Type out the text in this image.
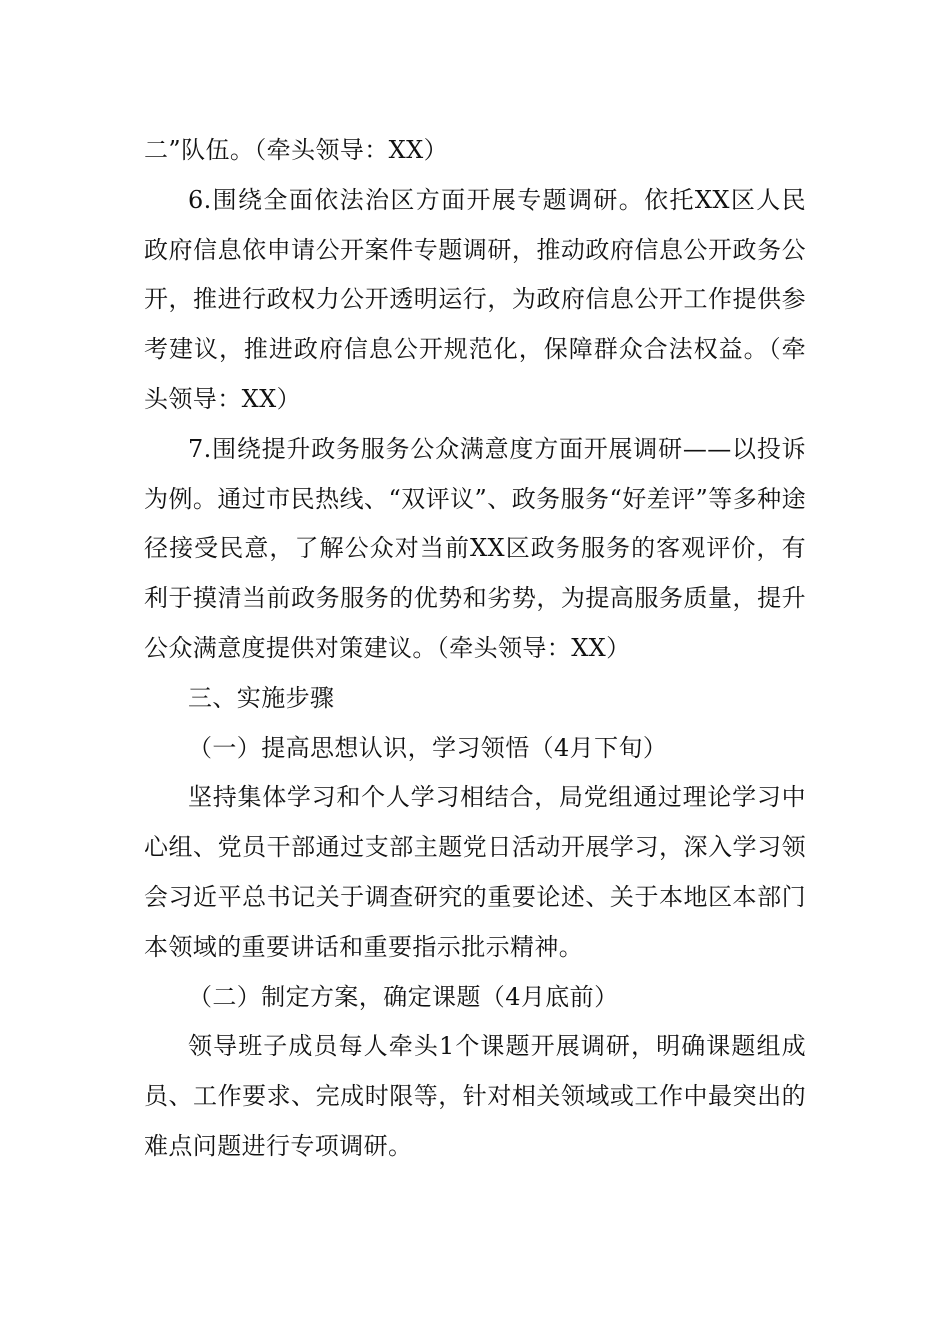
二”队伍。（牵头领导：XX）

6.围绕全面依法治区方面开展专题调研。依托XX区人民政府信息依申请公开案件专题调研，推动政府信息公开政务公开，推进行政权力公开透明运行，为政府信息公开工作提供参考建议，推进政府信息公开规范化，保障群众合法权益。（牵头领导：XX）

7.围绕提升政务服务公众满意度方面开展调研——以投诉为例。通过市民热线、“双评议”、政务服务“好差评”等多种途径接受民意，了解公众对当前XX区政务服务的客观评价，有利于摸清当前政务服务的优势和劣势，为提高服务质量，提升公众满意度提供对策建议。（牵头领导：XX）

三、实施步骤

（一）提高思想认识，学习领悟（4月下旬）

坚持集体学习和个人学习相结合，局党组通过理论学习中心组、党员干部通过支部主题党日活动开展学习，深入学习领会习近平总书记关于调查研究的重要论述、关于本地区本部门本领域的重要讲话和重要指示批示精神。

（二）制定方案，确定课题（4月底前）

领导班子成员每人牵头1个课题开展调研，明确课题组成员、工作要求、完成时限等，针对相关领域或工作中最突出的难点问题进行专项调研。
